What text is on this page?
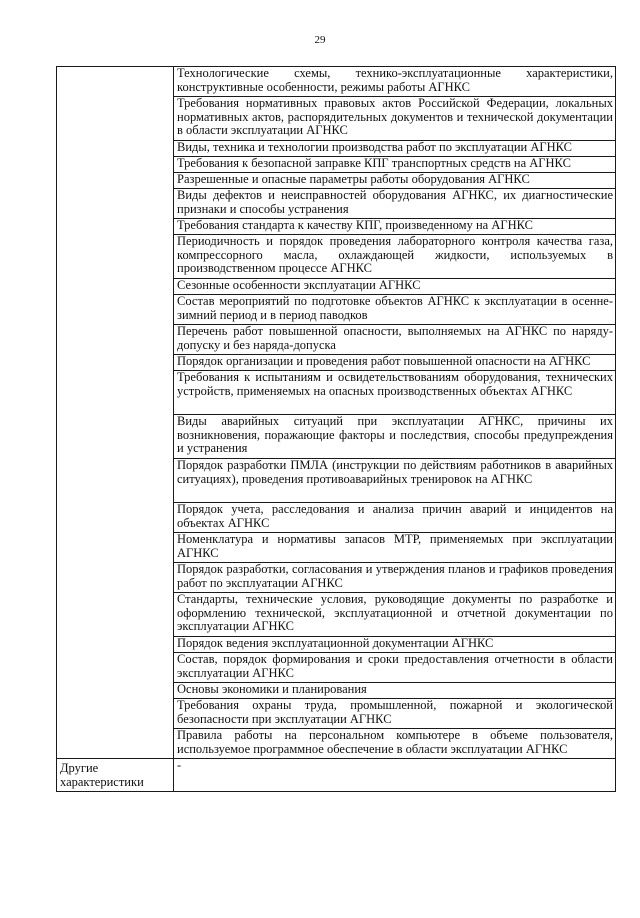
29

	Технологические схемы, технико-эксплуатационные характеристики, конструктивные особенности, режимы работы АГНКС

	Требования нормативных правовых актов Российской Федерации, локальных нормативных актов, распорядительных документов и технической документации в области эксплуатации АГНКС

	Виды, техника и технологии производства работ по эксплуатации АГНКС

	Требования к безопасной заправке КПГ транспортных средств на АГНКС

	Разрешенные и опасные параметры работы оборудования АГНКС

	Виды дефектов и неисправностей оборудования АГНКС, их диагностические признаки и способы устранения

	Требования стандарта к качеству КПГ, произведенному на АГНКС

	Периодичность и порядок проведения лабораторного контроля качества газа, компрессорного масла, охлаждающей жидкости, используемых в производственном процессе АГНКС

	Сезонные особенности эксплуатации АГНКС

	Состав мероприятий по подготовке объектов АГНКС к эксплуатации в осенне-зимний период и в период паводков

	Перечень работ повышенной опасности, выполняемых на АГНКС по наряду-допуску и без наряда-допуска

	Порядок организации и проведения работ повышенной опасности на АГНКС

	Требования к испытаниям и освидетельствованиям оборудования, технических устройств, применяемых на опасных производственных объектах АГНКС

	Виды аварийных ситуаций при эксплуатации АГНКС, причины их возникновения, поражающие факторы и последствия, способы предупреждения и устранения

	Порядок разработки ПМЛА (инструкции по действиям работников в аварийных ситуациях), проведения противоаварийных тренировок на АГНКС

	Порядок учета, расследования и анализа причин аварий и инцидентов на объектах АГНКС

	Номенклатура и нормативы запасов МТР, применяемых при эксплуатации АГНКС

	Порядок разработки, согласования и утверждения планов и графиков проведения работ по эксплуатации АГНКС

	Стандарты, технические условия, руководящие документы по разработке и оформлению технической, эксплуатационной и отчетной документации по эксплуатации АГНКС

	Порядок ведения эксплуатационной документации АГНКС

	Состав, порядок формирования и сроки предоставления отчетности в области эксплуатации АГНКС

	Основы экономики и планирования

	Требования охраны труда, промышленной, пожарной и экологической безопасности при эксплуатации АГНКС

	Правила работы на персональном компьютере в объеме пользователя, используемое программное обеспечение в области эксплуатации АГНКС

Другие характеристики	-
